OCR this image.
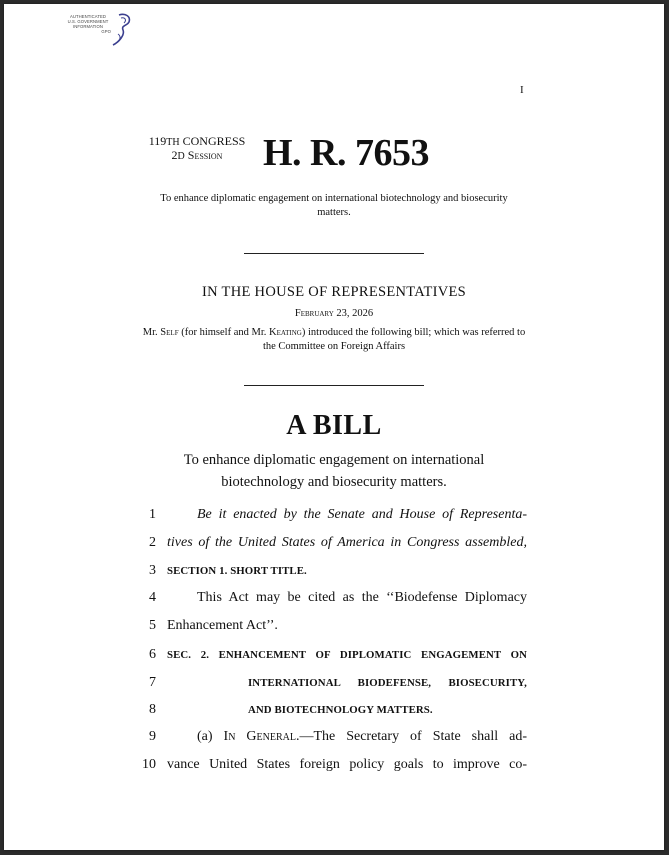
AUTHENTICATED
U.S. GOVERNMENT
INFORMATION
GPO
I
119TH CONGRESS
2D Session	H. R. 7653
To enhance diplomatic engagement on international biotechnology and biosecurity matters.
IN THE HOUSE OF REPRESENTATIVES
February 23, 2026
Mr. Self (for himself and Mr. Keating) introduced the following bill; which was referred to the Committee on Foreign Affairs
A BILL
To enhance diplomatic engagement on international biotechnology and biosecurity matters.
1	Be it enacted by the Senate and House of Representa-
2 tives of the United States of America in Congress assembled,
3 SECTION 1. SHORT TITLE.
4	This Act may be cited as the ‘‘Biodefense Diplomacy
5 Enhancement Act’’.
6 SEC. 2. ENHANCEMENT OF DIPLOMATIC ENGAGEMENT ON
7	INTERNATIONAL BIODEFENSE, BIOSECURITY,
8	AND BIOTECHNOLOGY MATTERS.
9	(a) In General.—The Secretary of State shall ad-
10 vance United States foreign policy goals to improve co-
